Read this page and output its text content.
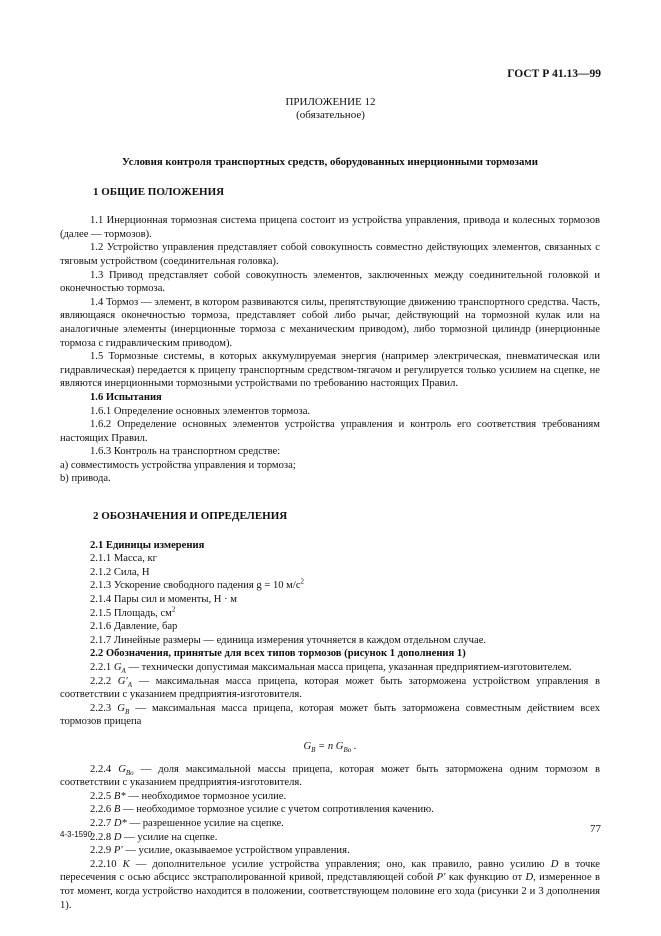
ГОСТ Р 41.13—99
ПРИЛОЖЕНИЕ 12
(обязательное)
Условия контроля транспортных средств, оборудованных инерционными тормозами
1 ОБЩИЕ ПОЛОЖЕНИЯ

1.1 Инерционная тормозная система прицепа состоит из устройства управления, привода и колесных тормозов (далее — тормозов).

1.2 Устройство управления представляет собой совокупность совместно действующих элементов, связанных с тяговым устройством (соединительная головка).

1.3 Привод представляет собой совокупность элементов, заключенных между соединительной головкой и оконечностью тормоза.

1.4 Тормоз — элемент, в котором развиваются силы, препятствующие движению транспортного средства. Часть, являющаяся оконечностью тормоза, представляет собой либо рычаг, действующий на тормозной кулак или на аналогичные элементы (инерционные тормоза с механическим приводом), либо тормозной цилиндр (инерционные тормоза с гидравлическим приводом).

1.5 Тормозные системы, в которых аккумулируемая энергия (например электрическая, пневматическая или гидравлическая) передается к прицепу транспортным средством-тягачом и регулируется только усилием на сцепке, не являются инерционными тормозными устройствами по требованию настоящих Правил.

1.6 Испытания

1.6.1 Определение основных элементов тормоза.

1.6.2 Определение основных элементов устройства управления и контроль его соответствия требованиям настоящих Правил.

1.6.3 Контроль на транспортном средстве:

a) совместимость устройства управления и тормоза;

b) привода.

2 ОБОЗНАЧЕНИЯ И ОПРЕДЕЛЕНИЯ

2.1 Единицы измерения

2.1.1 Масса, кг

2.1.2 Сила, Н

2.1.3 Ускорение свободного падения g = 10 $м/с^2$

2.1.4 Пары сил и моменты, Н · м

2.1.5 Площадь, $см^2$

2.1.6 Давление, бар

2.1.7 Линейные размеры — единица измерения уточняется в каждом отдельном случае.

2.2 Обозначения, принятые для всех типов тормозов (рисунок 1 дополнения 1)

2.2.1 $G_A$ — технически допустимая максимальная масса прицепа, указанная предприятием-изготовителем.

2.2.2 $G'_A$ — максимальная масса прицепа, которая может быть заторможена устройством управления в соответствии с указанием предприятия-изготовителя.

2.2.3 $G_B$ — максимальная масса прицепа, которая может быть заторможена совместным действием всех тормозов прицепа

$G_B = n$ $G_{Bo}$ .

2.2.4 $G_{Bo}$ — доля максимальной массы прицепа, которая может быть заторможена одним тормозом в соответствии с указанием предприятия-изготовителя.

2.2.5 B* — необходимое тормозное усилие.

2.2.6 B — необходимое тормозное усилие с учетом сопротивления качению.

2.2.7 D* — разрешенное усилие на сцепке.

2.2.8 D — усилие на сцепке.

2.2.9 P′ — усилие, оказываемое устройством управления.

2.2.10 K — дополнительное усилие устройства управления; оно, как правило, равно усилию D в точке пересечения с осью абсцисс экстраполированной кривой, представляющей собой P′ как функцию от D, измеренное в тот момент, когда устройство находится в положении, соответствующем половине его хода (рисунки 2 и 3 дополнения 1).

4-3-1590	77
